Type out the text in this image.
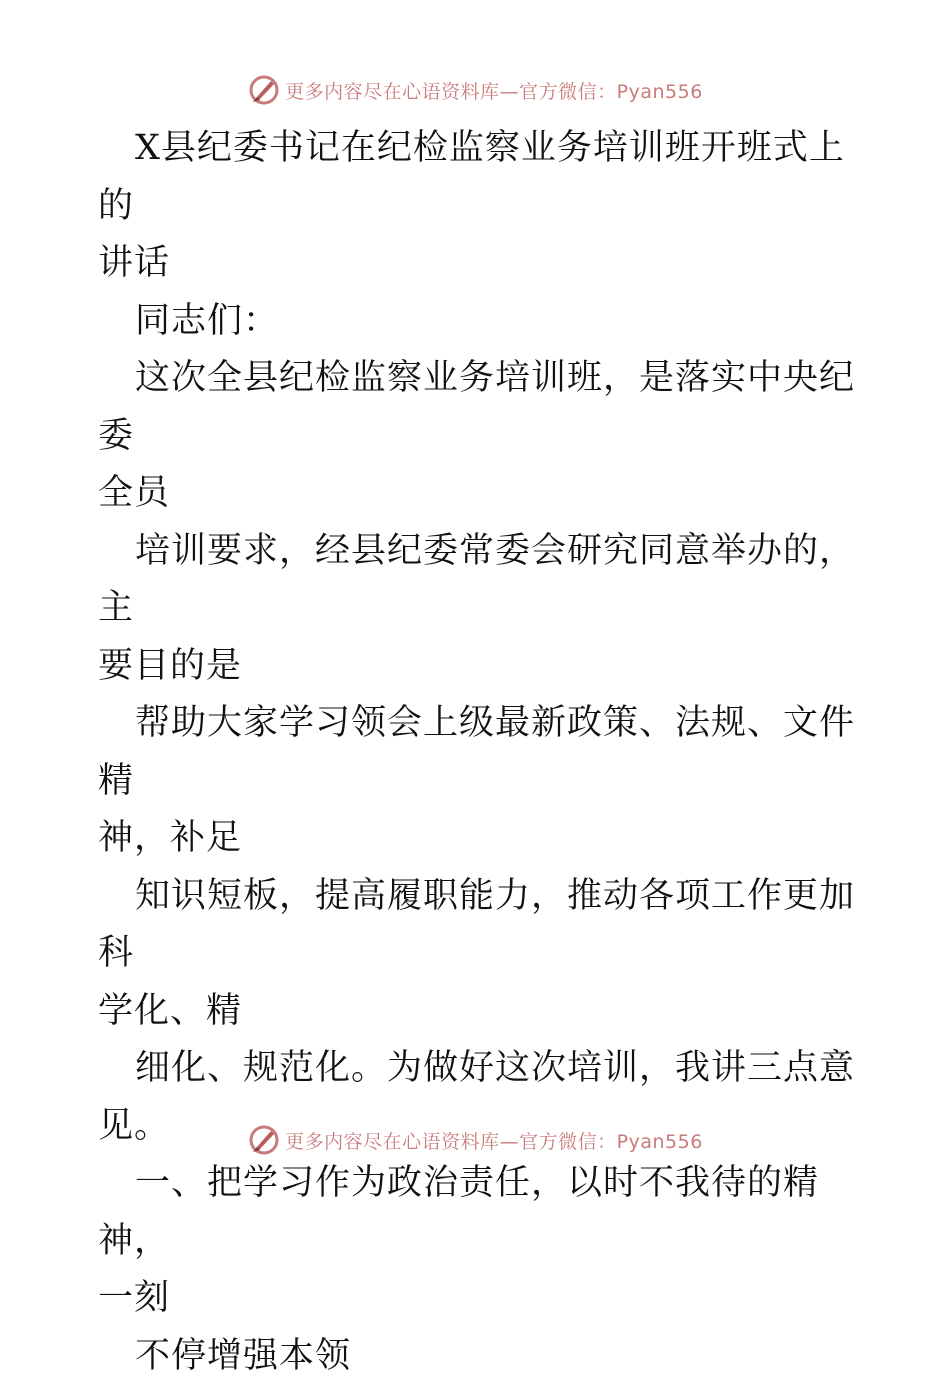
更多内容尽在心语资料库—官方微信：Pyan556

X县纪委书记在纪检监察业务培训班开班式上的
讲话

同志们：

这次全县纪检监察业务培训班，是落实中央纪委
全员

培训要求，经县纪委常委会研究同意举办的，主
要目的是

帮助大家学习领会上级最新政策、法规、文件精
神，补足

知识短板，提高履职能力，推动各项工作更加科
学化、精

细化、规范化。为做好这次培训，我讲三点意
见。

一、把学习作为政治责任，以时不我待的精神，
一刻

不停增强本领

更多内容尽在心语资料库—官方微信：Pyan556
